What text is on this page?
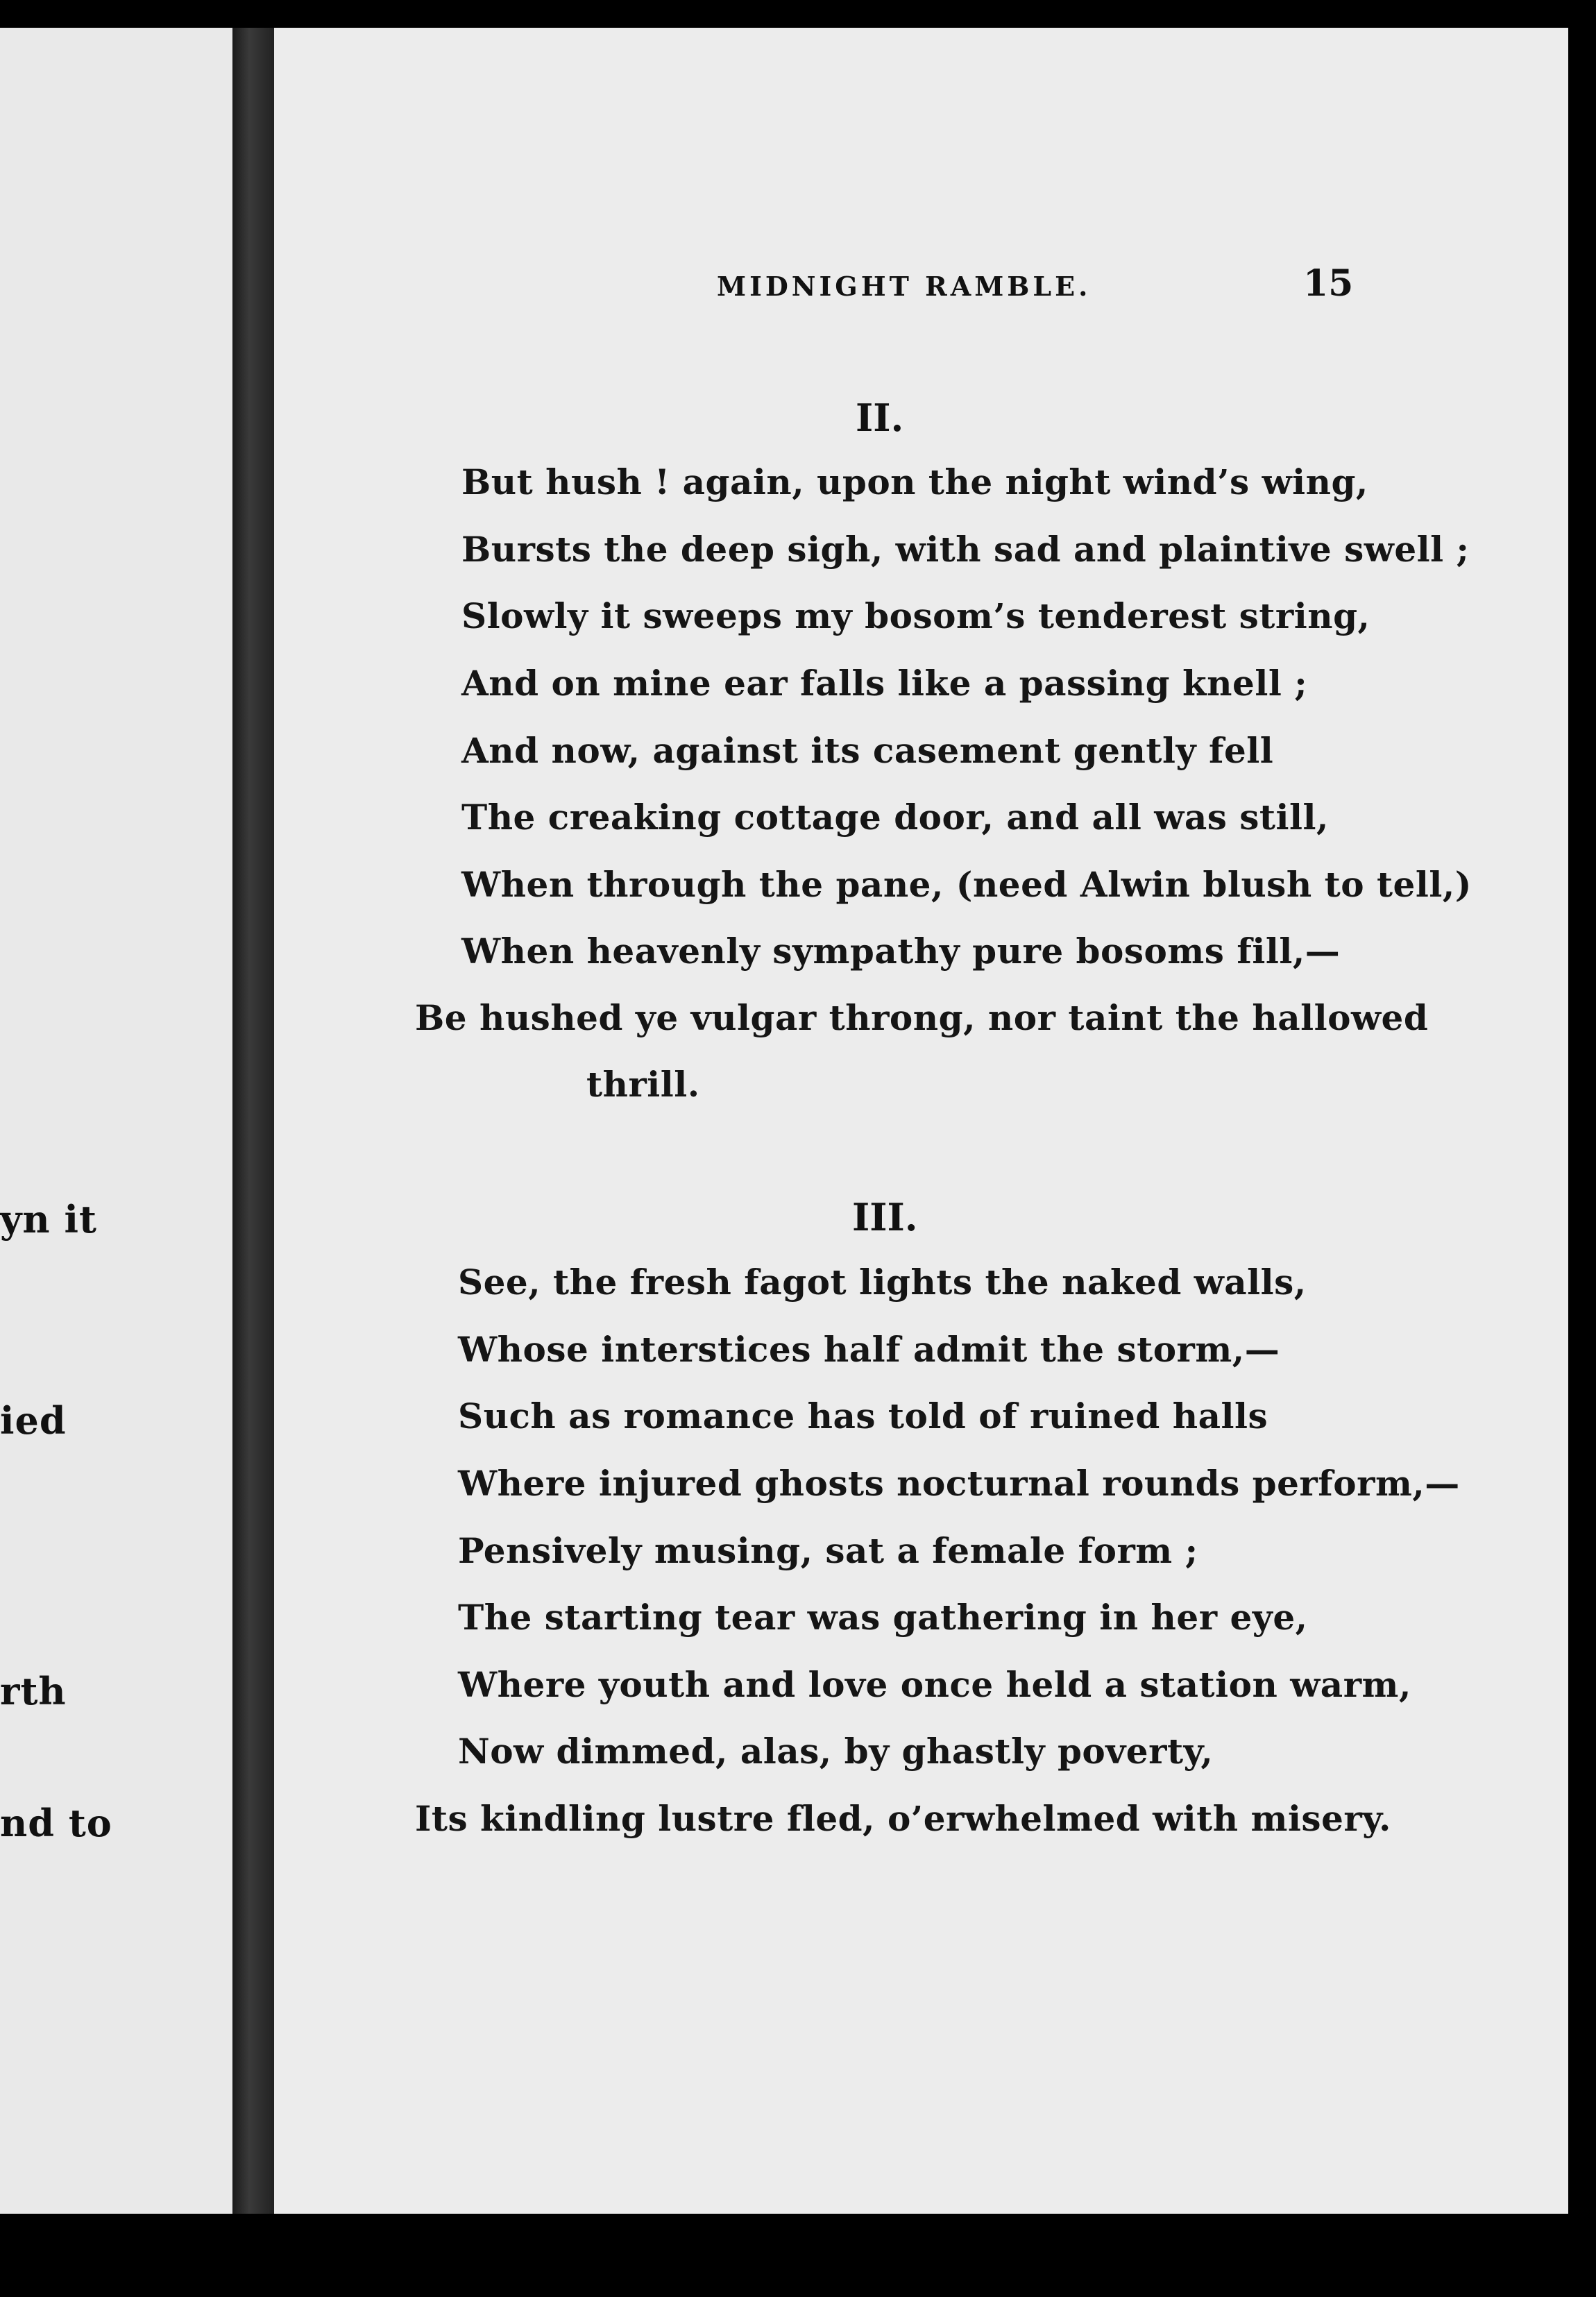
yn it
ied
rth
nd to
MIDNIGHT RAMBLE.	15
II.
But hush ! again, upon the night wind’s wing,
Bursts the deep sigh, with sad and plaintive swell ;
Slowly it sweeps my bosom’s tenderest string,
And on mine ear falls like a passing knell ;
And now, against its casement gently fell
The creaking cottage door, and all was still,
When through the pane, (need Alwin blush to tell,)
When heavenly sympathy pure bosoms fill,—
Be hushed ye vulgar throng, nor taint the hallowed
thrill.
III.
See, the fresh fagot lights the naked walls,
Whose interstices half admit the storm,—
Such as romance has told of ruined halls
Where injured ghosts nocturnal rounds perform,—
Pensively musing, sat a female form ;
The starting tear was gathering in her eye,
Where youth and love once held a station warm,
Now dimmed, alas, by ghastly poverty,
Its kindling lustre fled, o’erwhelmed with misery.
